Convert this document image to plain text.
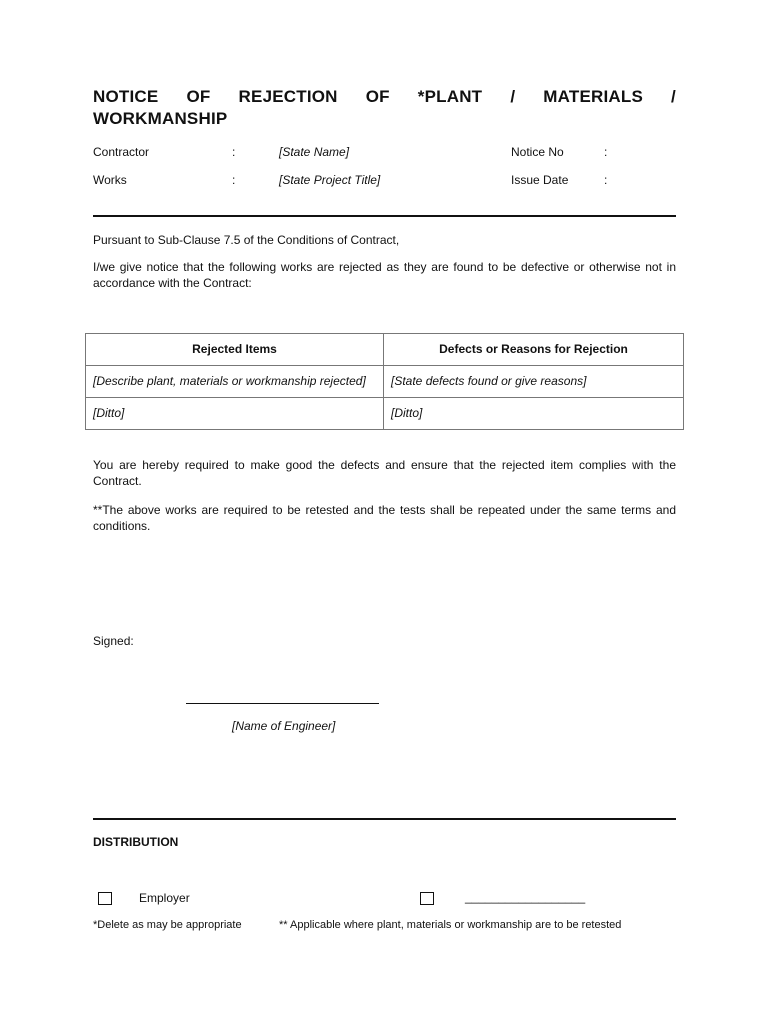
NOTICE OF REJECTION OF *PLANT / MATERIALS /
WORKMANSHIP
Contractor	:	[State Name]	Notice No	:
Works	:	[State Project Title]	Issue Date	:
Pursuant to Sub-Clause 7.5 of the Conditions of Contract,
I/we give notice that the following works are rejected as they are found to be defective or otherwise not in accordance with the Contract:
Rejected Items	Defects or Reasons for Rejection
[Describe plant, materials or workmanship rejected]	[State defects found or give reasons]
[Ditto]	[Ditto]
You are hereby required to make good the defects and ensure that the rejected item complies with the Contract.
**The above works are required to be retested and the tests shall be repeated under the same terms and conditions.
Signed:
[Name of Engineer]
DISTRIBUTION
Employer	__________________
*Delete as may be appropriate	** Applicable where plant, materials or workmanship are to be retested
